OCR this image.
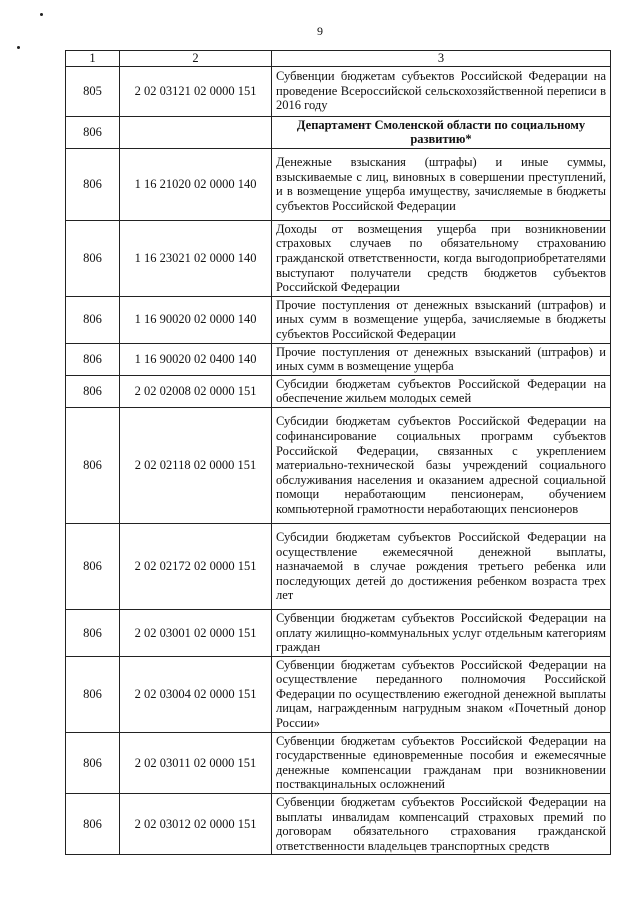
9
1	2	3
805	2 02 03121 02 0000 151	Субвенции бюджетам субъектов Российской Федерации на проведение Всероссийской сельскохозяйственной переписи в 2016 году
806		Департамент Смоленской области по социальному развитию*
806	1 16 21020 02 0000 140	Денежные взыскания (штрафы) и иные суммы, взыскиваемые с лиц, виновных в совершении преступлений, и в возмещение ущерба имуществу, зачисляемые в бюджеты субъектов Российской Федерации
806	1 16 23021 02 0000 140	Доходы от возмещения ущерба при возникновении страховых случаев по обязательному страхованию гражданской ответственности, когда выгодоприобретателями выступают получатели средств бюджетов субъектов Российской Федерации
806	1 16 90020 02 0000 140	Прочие поступления от денежных взысканий (штрафов) и иных сумм в возмещение ущерба, зачисляемые в бюджеты субъектов Российской Федерации
806	1 16 90020 02 0400 140	Прочие поступления от денежных взысканий (штрафов) и иных сумм в возмещение ущерба
806	2 02 02008 02 0000 151	Субсидии бюджетам субъектов Российской Федерации на обеспечение жильем молодых семей
806	2 02 02118 02 0000 151	Субсидии бюджетам субъектов Российской Федерации на софинансирование социальных программ субъектов Российской Федерации, связанных с укреплением материально-технической базы учреждений социального обслуживания населения и оказанием адресной социальной помощи неработающим пенсионерам, обучением компьютерной грамотности неработающих пенсионеров
806	2 02 02172 02 0000 151	Субсидии бюджетам субъектов Российской Федерации на осуществление ежемесячной денежной выплаты, назначаемой в случае рождения третьего ребенка или последующих детей до достижения ребенком возраста трех лет
806	2 02 03001 02 0000 151	Субвенции бюджетам субъектов Российской Федерации на оплату жилищно-коммунальных услуг отдельным категориям граждан
806	2 02 03004 02 0000 151	Субвенции бюджетам субъектов Российской Федерации на осуществление переданного полномочия Российской Федерации по осуществлению ежегодной денежной выплаты лицам, награжденным нагрудным знаком «Почетный донор России»
806	2 02 03011 02 0000 151	Субвенции бюджетам субъектов Российской Федерации на государственные единовременные пособия и ежемесячные денежные компенсации гражданам при возникновении поствакцинальных осложнений
806	2 02 03012 02 0000 151	Субвенции бюджетам субъектов Российской Федерации на выплаты инвалидам компенсаций страховых премий по договорам обязательного страхования гражданской ответственности владельцев транспортных средств
